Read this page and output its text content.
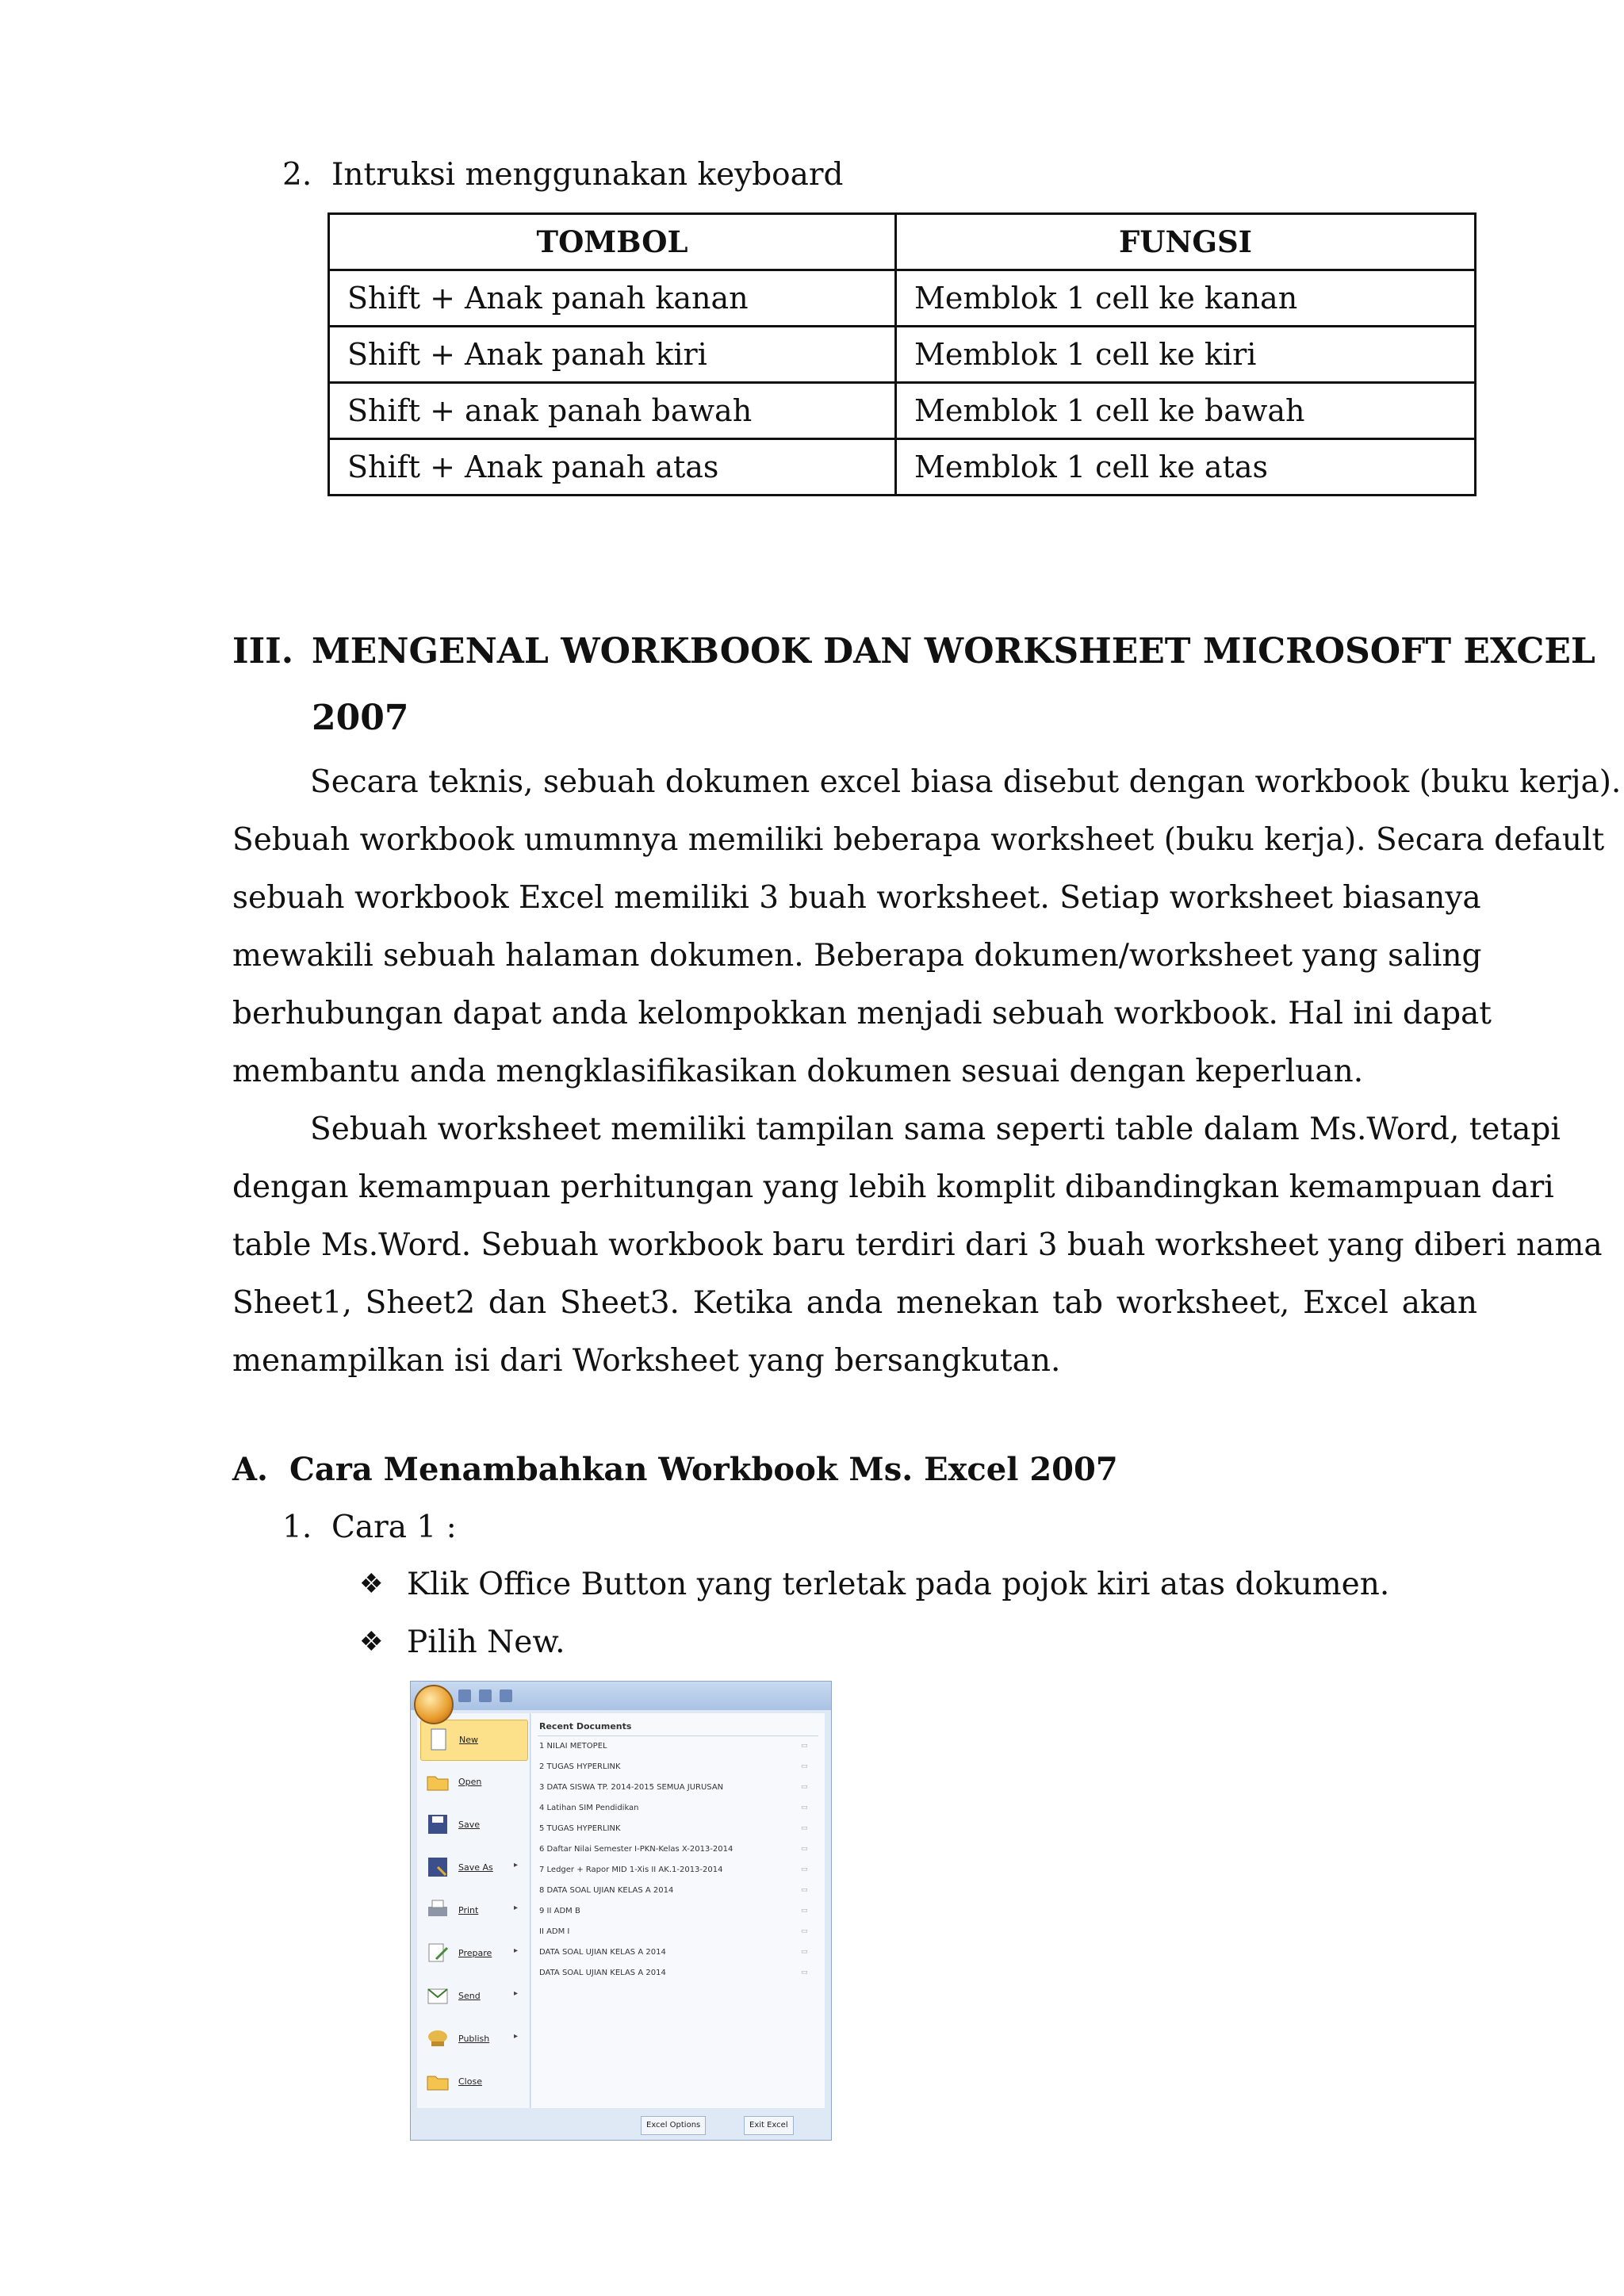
2. Intruksi menggunakan keyboard
TOMBOL	FUNGSI
Shift + Anak panah kanan	Memblok 1 cell ke kanan
Shift + Anak panah kiri	Memblok 1 cell ke kiri
Shift + anak panah bawah	Memblok 1 cell ke bawah
Shift + Anak panah atas	Memblok 1 cell ke atas
III. MENGENAL WORKBOOK DAN WORKSHEET MICROSOFT EXCEL
2007
Secara teknis, sebuah dokumen excel biasa disebut dengan workbook (buku kerja).
Sebuah workbook umumnya memiliki beberapa worksheet (buku kerja). Secara default
sebuah workbook Excel memiliki 3 buah worksheet. Setiap worksheet biasanya
mewakili sebuah halaman dokumen. Beberapa dokumen/worksheet yang saling
berhubungan dapat anda kelompokkan menjadi sebuah workbook. Hal ini dapat
membantu anda mengklasifikasikan dokumen sesuai dengan keperluan.
Sebuah worksheet memiliki tampilan sama seperti table dalam Ms.Word, tetapi
dengan kemampuan perhitungan yang lebih komplit dibandingkan kemampuan dari
table Ms.Word. Sebuah workbook baru terdiri dari 3 buah worksheet yang diberi nama
Sheet1, Sheet2 dan Sheet3. Ketika anda menekan tab worksheet, Excel akan
menampilkan isi dari Worksheet yang bersangkutan.
A. Cara Menambahkan Workbook Ms. Excel 2007
1. Cara 1 :
❖ Klik Office Button yang terletak pada pojok kiri atas dokumen.
❖ Pilih New.
New
Open
Save
Save As	▸
Print	▸
Prepare	▸
Send	▸
Publish	▸
Close
Recent Documents
1 NILAI METOPEL
2 TUGAS HYPERLINK
3 DATA SISWA TP. 2014-2015 SEMUA JURUSAN
4 Latihan SIM Pendidikan
5 TUGAS HYPERLINK
6 Daftar Nilai Semester I-PKN-Kelas X-2013-2014
7 Ledger + Rapor MID 1-Xis II AK.1-2013-2014
8 DATA SOAL UJIAN KELAS A 2014
9 II ADM B
II ADM I
DATA SOAL UJIAN KELAS A 2014
DATA SOAL UJIAN KELAS A 2014
▭
▭
▭
▭
▭
▭
▭
▭
▭
▭
▭
▭
Excel Options	Exit Excel
